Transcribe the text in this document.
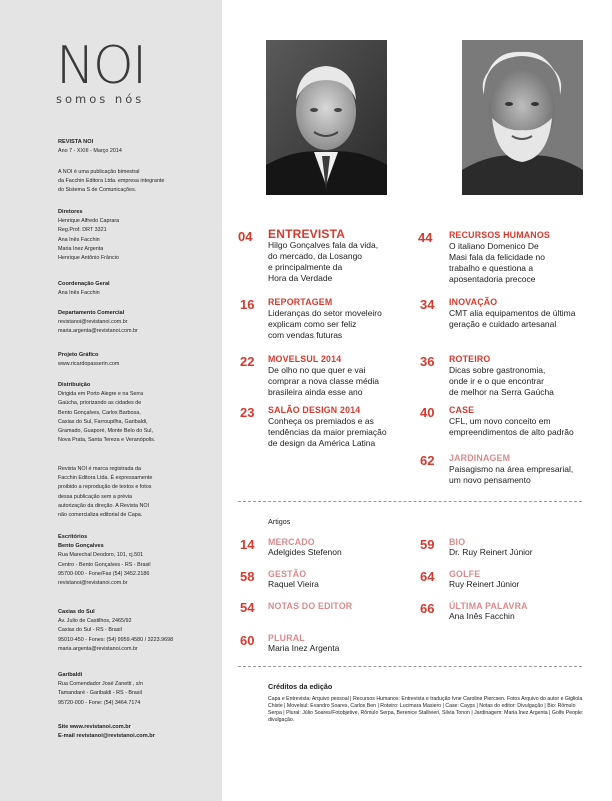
NOI
somos nós
REVISTA NOI
Ano 7 - XXIII - Março 2014
A NOI é uma publicação bimestral
da Facchin Editora Ltda. empresa integrante
do Sistema S de Comunicações.
Diretores
Henrique Alfredo Caprara
Reg.Prof. DRT 3321
Ana Inês Facchin
Maria Inez Argenta
Henrique Antônio Frâncio
Coordenação Geral
Ana Inês Facchin
Departamento Comercial
revistanoi@revistanoi.com.br
maria.argenta@revistanoi.com.br
Projeto Gráfico
www.ricardopasserin.com
Distribuição
Dirigida em Porto Alegre e na Serra
Gaúcha, priorizando as cidades de
Bento Gonçalves, Carlos Barbosa,
Caxias do Sul, Farroupilha, Garibaldi,
Gramado, Guaporé, Monte Belo do Sul,
Nova Prata, Santa Tereza e Veranópolis.
Revista NOI é marca registrada da
Facchin Editora Ltda. É expressamente
proibido a reprodução de textos e fotos
dessa publicação sem a prévia
autorização da direção. A Revista NOI
não comercializa editorial de Capa.
Escritórios
Bento Gonçalves
Rua Marechal Deodoro, 101, cj.501
Centro - Bento Gonçalves - RS - Brasil
95700-000 - Fone/Fax (54) 3452.2186
revistanoi@revistanoi.com.br
Caxias do Sul
Av. Julio de Castilhos, 2465/92
Caxias do Sul - RS - Brasil
95010-450 - Fones: (54) 9959.4580 / 3223.9698
maria.argenta@revistanoi.com.br
Garibaldi
Rua Comendador José Zanetti , s/n
Tamandaré - Garibaldi - RS - Brasil
95720-000 - Fone: (54) 3464.7174
Site www.revistanoi.com.br
E-mail revistanoi@revistanoi.com.br
04 ENTREVISTA
Hilgo Gonçalves fala da vida,
do mercado, da Losango
e principalmente da
Hora da Verdade
16 REPORTAGEM
Lideranças do setor moveleiro
explicam como ser feliz
com vendas futuras
22 MOVELSUL 2014
De olho no que quer e vai
comprar a nova classe média
brasileira ainda esse ano
23 SALÃO DESIGN 2014
Conheça os premiados e as
tendências da maior premiação
de design da América Latina
44 RECURSOS HUMANOS
O italiano Domenico De
Masi fala da felicidade no
trabalho e questiona a
aposentadoria precoce
34 INOVAÇÃO
CMT alia equipamentos de última
geração e cuidado artesanal
36 ROTEIRO
Dicas sobre gastronomia,
onde ir e o que encontrar
de melhor na Serra Gaúcha
40 CASE
CFL, um novo conceito em
empreendimentos de alto padrão
62 JARDINAGEM
Paisagismo na área empresarial,
um novo pensamento
Artigos
14 MERCADO
Adelgides Stefenon
58 GESTÃO
Raquel Vieira
54 NOTAS DO EDITOR
60 PLURAL
Maria Inez Argenta
59 BIO
Dr. Ruy Reinert Júnior
64 GOLFE
Ruy Reinert Júnior
66 ÚLTIMA PALAVRA
Ana Inês Facchin
Créditos da edição
Capa e Entrevista: Arquivo pessoal | Recursos Humanos: Entrevista e tradução Ivne Caroline Piercsen. Fotos Arquivo do autor e Gigliola Chiste | Movelsul: Evandro Soares, Carlos Ben | Roteiro: Lucimara Masiero | Case: Cayps | Notas do editor: Divulgação | Bio: Rômulo Serpa | Plural: Júlio Soares/Fotobjetive, Rômulo Serpa, Berenice Stallivieri, Silvia Tonon | Jardinagem: Maria Inez Argenta | Golfe People: divulgação.
